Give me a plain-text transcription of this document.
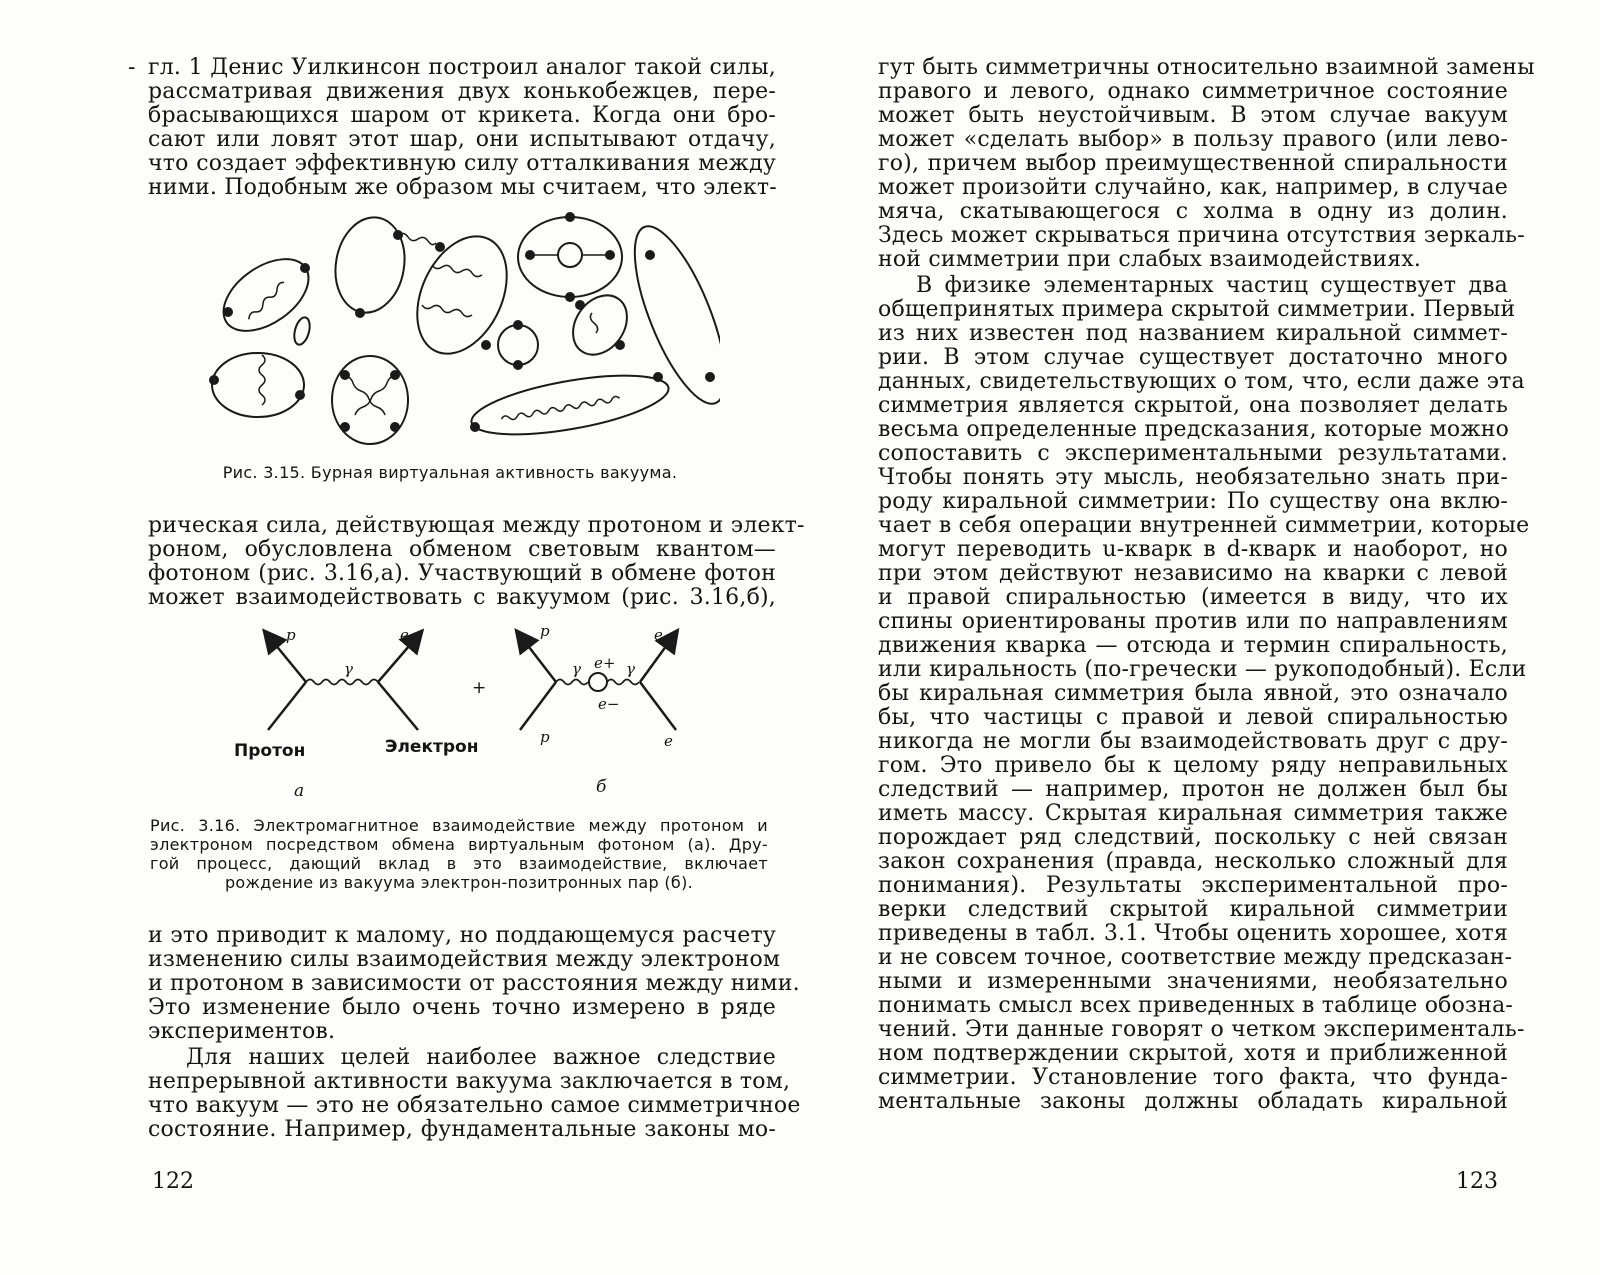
‑ гл. 1 Денис Уилкинсон построил аналог такой силы,
рассматривая движения двух конькобежцев, пере-
брасывающихся шаром от крикета. Когда они бро-
сают или ловят этот шар, они испытывают отдачу,
что создает эффективную силу отталкивания между
ними. Подобным же образом мы считаем, что элект-
Рис. 3.15. Бурная виртуальная активность вакуума.
рическая сила, действующая между протоном и элект-
роном, обусловлена обменом световым квантом—
фотоном (рис. 3.16,а). Участвующий в обмене фотон
может взаимодействовать с вакуумом (рис. 3.16,б),
p	e
γ
p	e
γ e+ γ
e−
p	e
+
Протон	Электрон
a	б
Рис. 3.16. Электромагнитное взаимодействие между протоном и
электроном посредством обмена виртуальным фотоном (а). Дру-
гой процесс, дающий вклад в это взаимодействие, включает
рождение из вакуума электрон-позитронных пар (б).
и это приводит к малому, но поддающемуся расчету
изменению силы взаимодействия между электроном
и протоном в зависимости от расстояния между ними.
Это изменение было очень точно измерено в ряде
экспериментов.
Для наших целей наиболее важное следствие
непрерывной активности вакуума заключается в том,
что вакуум — это не обязательно самое симметричное
состояние. Например, фундаментальные законы мо-
122
гут быть симметричны относительно взаимной замены
правого и левого, однако симметричное состояние
может быть неустойчивым. В этом случае вакуум
может «сделать выбор» в пользу правого (или лево-
го), причем выбор преимущественной спиральности
может произойти случайно, как, например, в случае
мяча, скатывающегося с холма в одну из долин.
Здесь может скрываться причина отсутствия зеркаль-
ной симметрии при слабых взаимодействиях.
В физике элементарных частиц существует два
общепринятых примера скрытой симметрии. Первый
из них известен под названием киральной симмет-
рии. В этом случае существует достаточно много
данных, свидетельствующих о том, что, если даже эта
симметрия является скрытой, она позволяет делать
весьма определенные предсказания, которые можно
сопоставить с экспериментальными результатами.
Чтобы понять эту мысль, необязательно знать при-
роду киральной симметрии: По существу она вклю-
чает в себя операции внутренней симметрии, которые
могут переводить u-кварк в d-кварк и наоборот, но
при этом действуют независимо на кварки с левой
и правой спиральностью (имеется в виду, что их
спины ориентированы против или по направлениям
движения кварка — отсюда и термин спиральность,
или киральность (по-гречески — рукоподобный). Если
бы киральная симметрия была явной, это означало
бы, что частицы с правой и левой спиральностью
никогда не могли бы взаимодействовать друг с дру-
гом. Это привело бы к целому ряду неправильных
следствий — например, протон не должен был бы
иметь массу. Скрытая киральная симметрия также
порождает ряд следствий, поскольку с ней связан
закон сохранения (правда, несколько сложный для
понимания). Результаты экспериментальной про-
верки следствий скрытой киральной симметрии
приведены в табл. 3.1. Чтобы оценить хорошее, хотя
и не совсем точное, соответствие между предсказан-
ными и измеренными значениями, необязательно
понимать смысл всех приведенных в таблице обозна-
чений. Эти данные говорят о четком эксперименталь-
ном подтверждении скрытой, хотя и приближенной
симметрии. Установление того факта, что фунда-
ментальные законы должны обладать киральной
123
